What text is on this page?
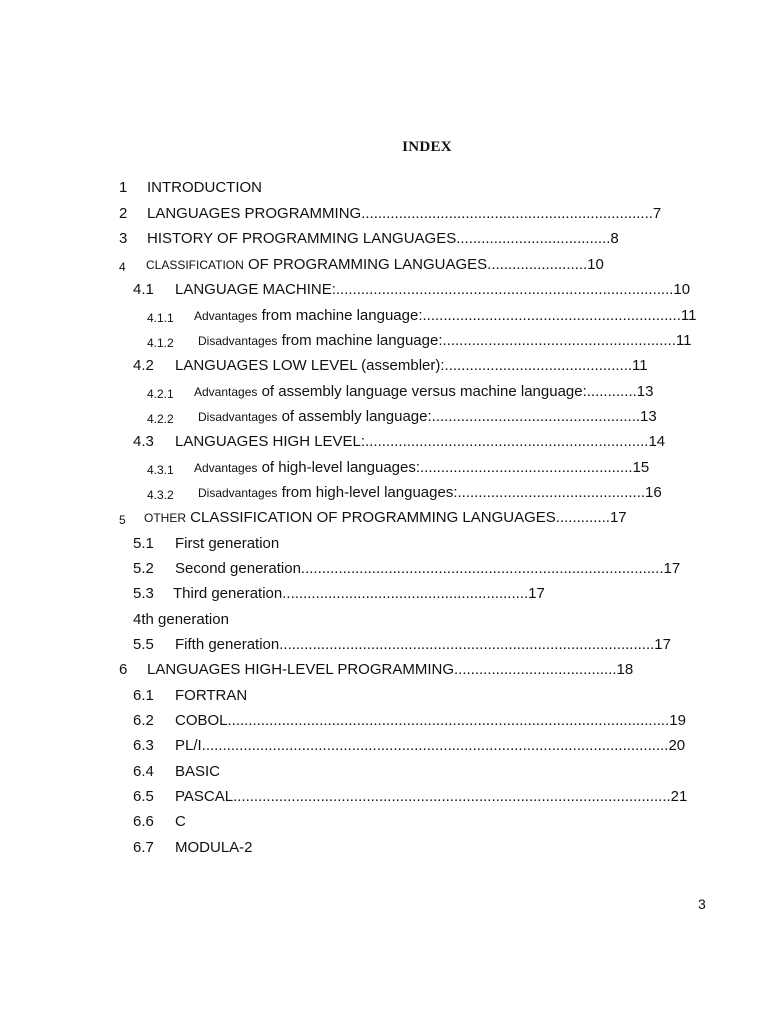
INDEX
1 INTRODUCTION
2 LANGUAGES PROGRAMMING......................................................................7
3 HISTORY OF PROGRAMMING LANGUAGES.....................................8
4 CLASSIFICATION OF PROGRAMMING LANGUAGES........................10
4.1 LANGUAGE MACHINE:.................................................................................10
4.1.1 Advantages from machine language:..............................................................11
4.1.2 Disadvantages from machine language:........................................................11
4.2 LANGUAGES LOW LEVEL (assembler):.............................................11
4.2.1 Advantages of assembly language versus machine language:............13
4.2.2 Disadvantages of assembly language:..................................................13
4.3 LANGUAGES HIGH LEVEL:....................................................................14
4.3.1 Advantages of high-level languages:...................................................15
4.3.2 Disadvantages from high-level languages:.............................................16
5 OTHER CLASSIFICATION OF PROGRAMMING LANGUAGES.............17
5.1 First generation
5.2 Second generation.......................................................................................17
5.3 Third generation...........................................................17
4th generation
5.5 Fifth generation..........................................................................................17
6 LANGUAGES HIGH-LEVEL PROGRAMMING.......................................18
6.1 FORTRAN
6.2 COBOL..........................................................................................................19
6.3 PL/I................................................................................................................20
6.4 BASIC
6.5 PASCAL.........................................................................................................21
6.6 C
6.7 MODULA-2
3
